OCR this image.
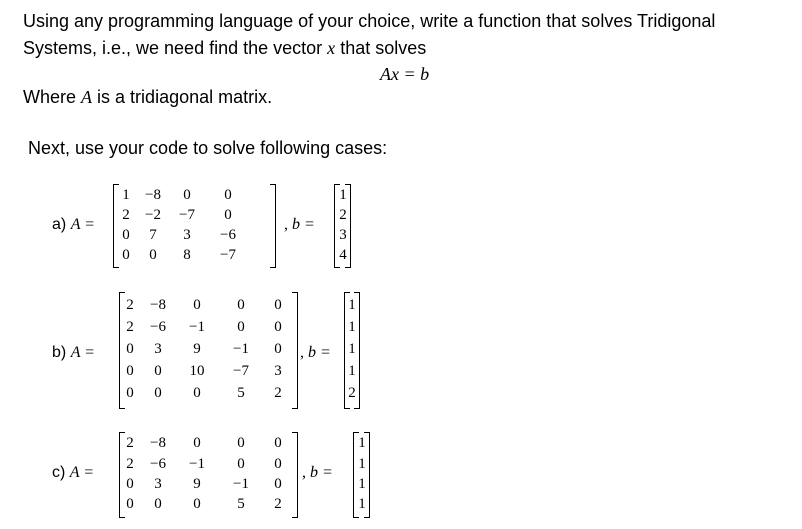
Using any programming language of your choice, write a function that solves Tridigonal
Systems, i.e., we need find the vector x that solves
Ax = b
Where A is a tridiagonal matrix.
Next, use your code to solve following cases:
a) A =
1	−8	0	0
2	−2	−7	0
0	7	3	−6
0	0	8	−7
, b =
1
2
3
4
b) A =
2	−8	0	0	0
2	−6	−1	0	0
0	3	9	−1	0
0	0	10	−7	3
0	0	0	5	2
, b =
1
1
1
1
2
c) A =
2	−8	0	0	0
2	−6	−1	0	0
0	3	9	−1	0
0	0	0	5	2
, b =
1
1
1
1
